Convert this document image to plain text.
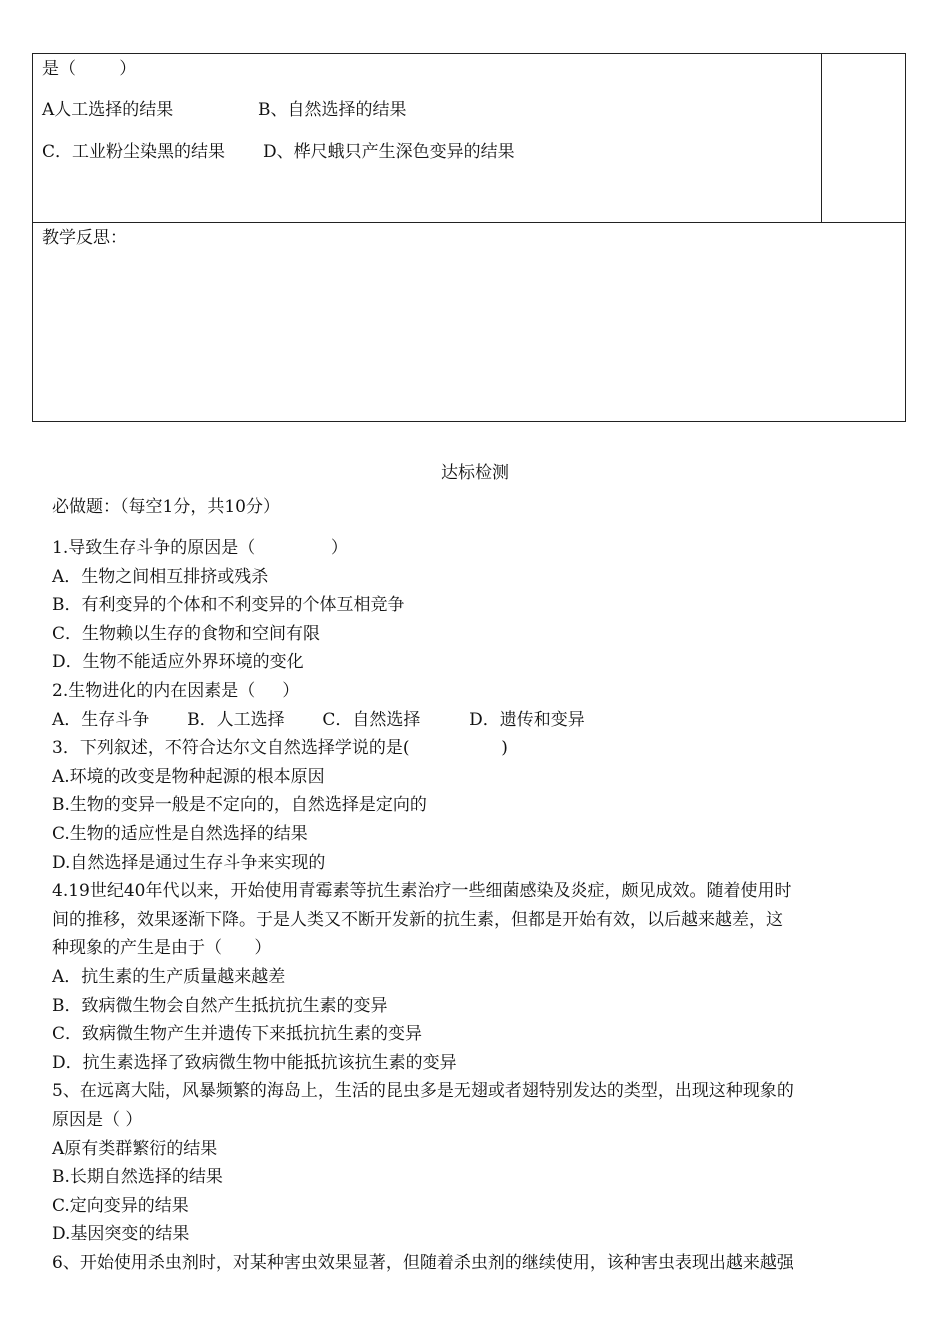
是（        ）
A人工选择的结果	B、自然选择的结果
C．工业粉尘染黑的结果 D、桦尺蛾只产生深色变异的结果
教学反思：
达标检测
必做题：（每空1分，共10分）
1.导致生存斗争的原因是（              ）
A．生物之间相互排挤或残杀
B．有利变异的个体和不利变异的个体互相竞争
C．生物赖以生存的食物和空间有限
D．生物不能适应外界环境的变化
2.生物进化的内在因素是（     ）
A．生存斗争       B．人工选择       C．自然选择         D．遗传和变异
3．下列叙述，不符合达尔文自然选择学说的是(                 )
A.环境的改变是物种起源的根本原因
B.生物的变异一般是不定向的，自然选择是定向的
C.生物的适应性是自然选择的结果
D.自然选择是通过生存斗争来实现的
4.19世纪40年代以来，开始使用青霉素等抗生素治疗一些细菌感染及炎症，颇见成效。随着使用时
间的推移，效果逐渐下降。于是人类又不断开发新的抗生素，但都是开始有效，以后越来越差，这
种现象的产生是由于（      ）
A．抗生素的生产质量越来越差
B．致病微生物会自然产生抵抗抗生素的变异
C．致病微生物产生并遗传下来抵抗抗生素的变异
D．抗生素选择了致病微生物中能抵抗该抗生素的变异
5、在远离大陆，风暴频繁的海岛上，生活的昆虫多是无翅或者翅特别发达的类型，出现这种现象的
原因是（ ）
A原有类群繁衍的结果
B.长期自然选择的结果
C.定向变异的结果
D.基因突变的结果
6、开始使用杀虫剂时，对某种害虫效果显著，但随着杀虫剂的继续使用，该种害虫表现出越来越强
